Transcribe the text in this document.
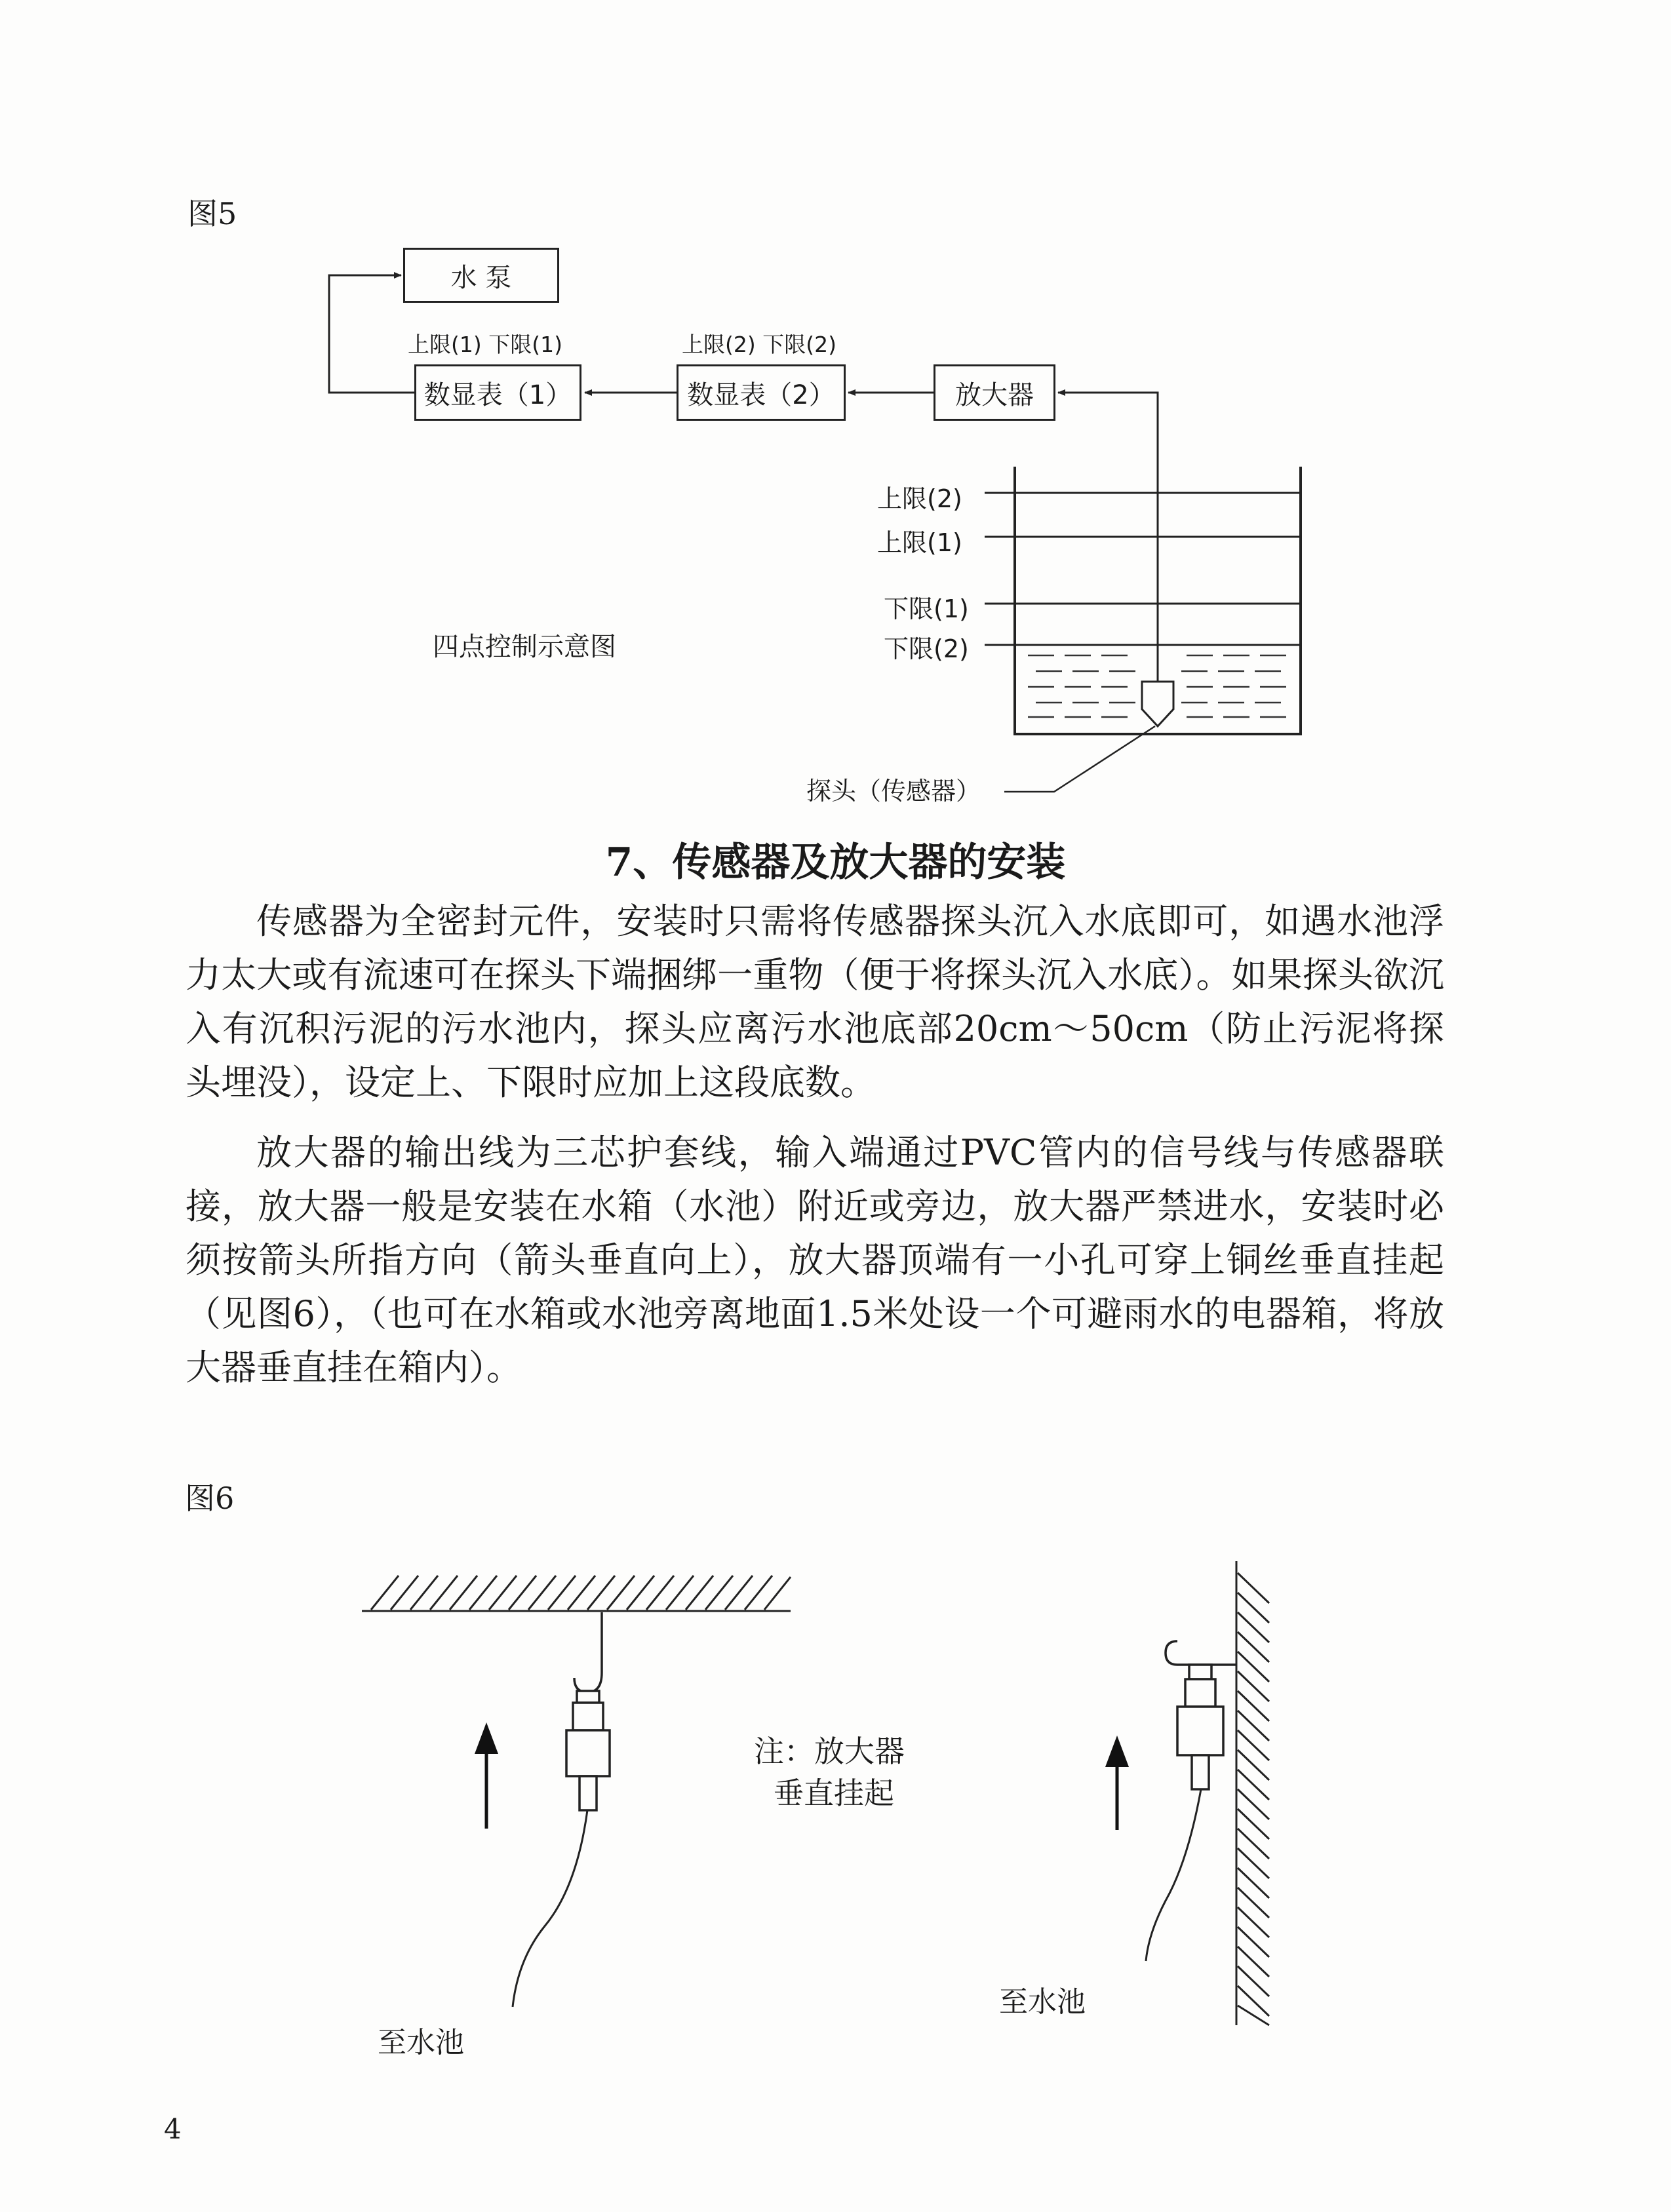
图5
水 泵
上限(1) 下限(1)	上限(2) 下限(2)
数显表（1）	数显表（2）	放大器
上限(2)
上限(1)
下限(1)
下限(2)
四点控制示意图
探头（传感器）
7、传感器及放大器的安装

传感器为全密封元件，安装时只需将传感器探头沉入水底即可，如遇水池浮力太大或有流速可在探头下端捆绑一重物（便于将探头沉入水底）。如果探头欲沉入有沉积污泥的污水池内，探头应离污水池底部20cm～50cm（防止污泥将探头埋没），设定上、下限时应加上这段底数。

放大器的输出线为三芯护套线，输入端通过PVC管内的信号线与传感器联接，放大器一般是安装在水箱（水池）附近或旁边，放大器严禁进水，安装时必须按箭头所指方向（箭头垂直向上），放大器顶端有一小孔可穿上铜丝垂直挂起（见图6），（也可在水箱或水池旁离地面1.5米处设一个可避雨水的电器箱，将放大器垂直挂在箱内）。

图6
注：放大器
垂直挂起
至水池
至水池
4
